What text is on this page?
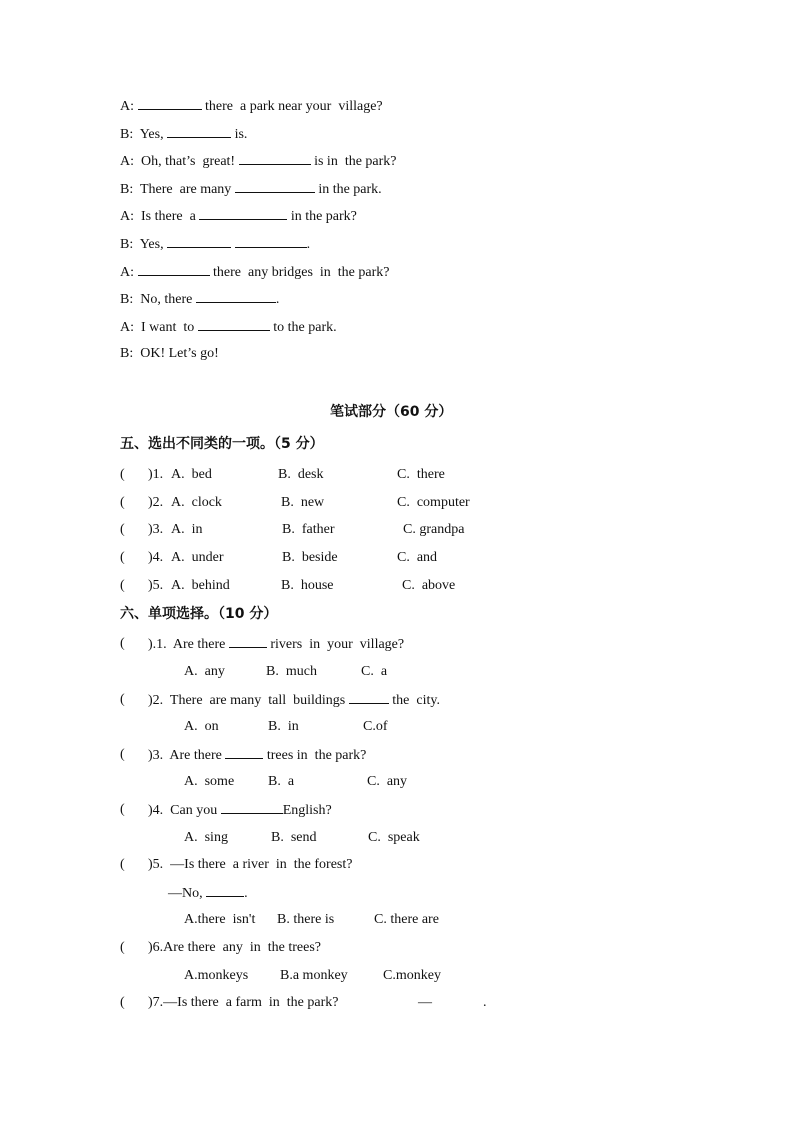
A:	there  a park near your  village?
B:  Yes,	is.
A:  Oh, that’s  great!	is in  the park?
B:  There  are many	in the park.
A:  Is there  a	in the park?
B:  Yes,	.
A:	there  any bridges  in  the park?
B:  No, there	.
A:  I want  to	to the park.
B:  OK! Let’s go!
笔试部分（60 分）
五、选出不同类的一项。（5 分）
( )1. A.  bed	B.  desk	C.  there
( )2. A.  clock	B.  new	C.  computer
( )3. A.  in	B.  father	C. grandpa
( )4. A.  under	B.  beside	C.  and
( )5. A.  behind	B.  house	C.  above
六、单项选择。（10 分）
( ).1.  Are there	rivers  in  your  village?
A.  any	B.  much	C.  a
( )2.  There  are many  tall  buildings	the  city.
A.  on	B.  in	C.of
( )3.  Are there	trees in  the park?
A.  some B.  a	C.  any
( )4.  Can you	English?
A.  sing	B.  send	C.  speak
( )5.  —Is there  a river  in  the forest?
—No,	.
A.there  isn't B. there is	C. there are
( )6.Are there  any  in  the trees?
A.monkeys B.a monkey	C.monkey
( )7.—Is there  a farm  in  the park?	—	.
